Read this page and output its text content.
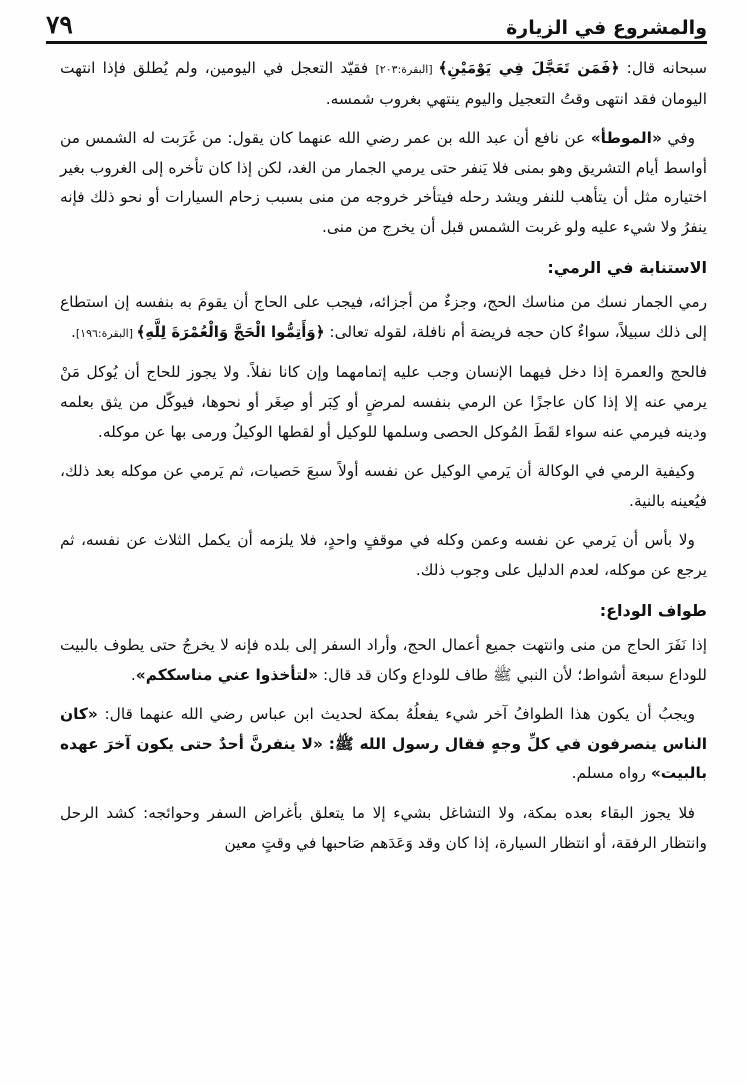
والمشروع في الزيارة
٧٩

سبحانه قال: ﴿فَمَن تَعَجَّلَ فِي يَوْمَيْنِ﴾ [البقرة:٢٠٣] فقيّد التعجل في اليومين، ولم يُطلق فإذا انتهت اليومان فقد انتهى وقتُ التعجيل واليوم ينتهي بغروب شمسه.

وفي «الموطأ» عن نافع أن عبد الله بن عمر رضي الله عنهما كان يقول: من غَرَبت له الشمس من أواسط أيام التشريق وهو بمنى فلا يَنفر حتى يرمي الجمار من الغد، لكن إذا كان تأخره إلى الغروب بغير اختياره مثل أن يتأهب للنفر ويشد رحله فيتأخر خروجه من منى بسبب زحام السيارات أو نحو ذلك فإنه ينفرُ ولا شيء عليه ولو غربت الشمس قبل أن يخرج من منى.

الاستنابة في الرمي:

رمي الجمار نسك من مناسك الحج، وجزءٌ من أجزائه، فيجب على الحاج أن يقومَ به بنفسه إن استطاع إلى ذلك سبيلاً، سواءٌ كان حجه فريضة أم نافلة، لقوله تعالى: ﴿وَأَتِمُّوا الْحَجَّ وَالْعُمْرَةَ لِلَّهِ﴾ [البقرة:١٩٦].

فالحج والعمرة إذا دخل فيهما الإنسان وجب عليه إتمامهما وإن كانا نفلاً. ولا يجوز للحاج أن يُوكل مَنْ يرمي عنه إلا إذا كان عاجزًا عن الرمي بنفسه لمرضٍ أو كِبَر أو صِغَر أو نحوها، فيوكّل من يثق بعلمه ودينه فيرمي عنه سواء لقَطَ المُوكل الحصى وسلمها للوكيل أو لقطها الوكيلُ ورمى بها عن موكله.

وكيفية الرمي في الوكالة أن يَرمي الوكيل عن نفسه أولاً سبعَ حَصيات، ثم يَرمي عن موكله بعد ذلك، فيُعينه بالنية.

ولا بأس أن يَرمي عن نفسه وعمن وكله في موقفٍ واحدٍ، فلا يلزمه أن يكمل الثلاث عن نفسه، ثم يرجع عن موكله، لعدم الدليل على وجوب ذلك.

طواف الوداع:

إذا نَفَرَ الحاج من منى وانتهت جميع أعمال الحج، وأراد السفر إلى بلده فإنه لا يخرجُ حتى يطوف بالبيت للوداع سبعة أشواط؛ لأن النبي ﷺ طاف للوداع وكان قد قال: «لتأخذوا عني مناسككم».

ويجبُ أن يكون هذا الطوافُ آخر شيء يفعلُهُ بمكة لحديث ابن عباس رضي الله عنهما قال: «كان الناس ينصرفون في كلِّ وجهٍ فقال رسول الله ﷺ: «لا ينفرنَّ أحدٌ حتى يكون آخرَ عهده بالبيت» رواه مسلم.

فلا يجوز البقاء بعده بمكة، ولا التشاغل بشيء إلا ما يتعلق بأغراض السفر وحوائجه: كشد الرحل وانتظار الرفقة، أو انتظار السيارة، إذا كان وقد وَعَدَهم صَاحبها في وقتٍ معين
